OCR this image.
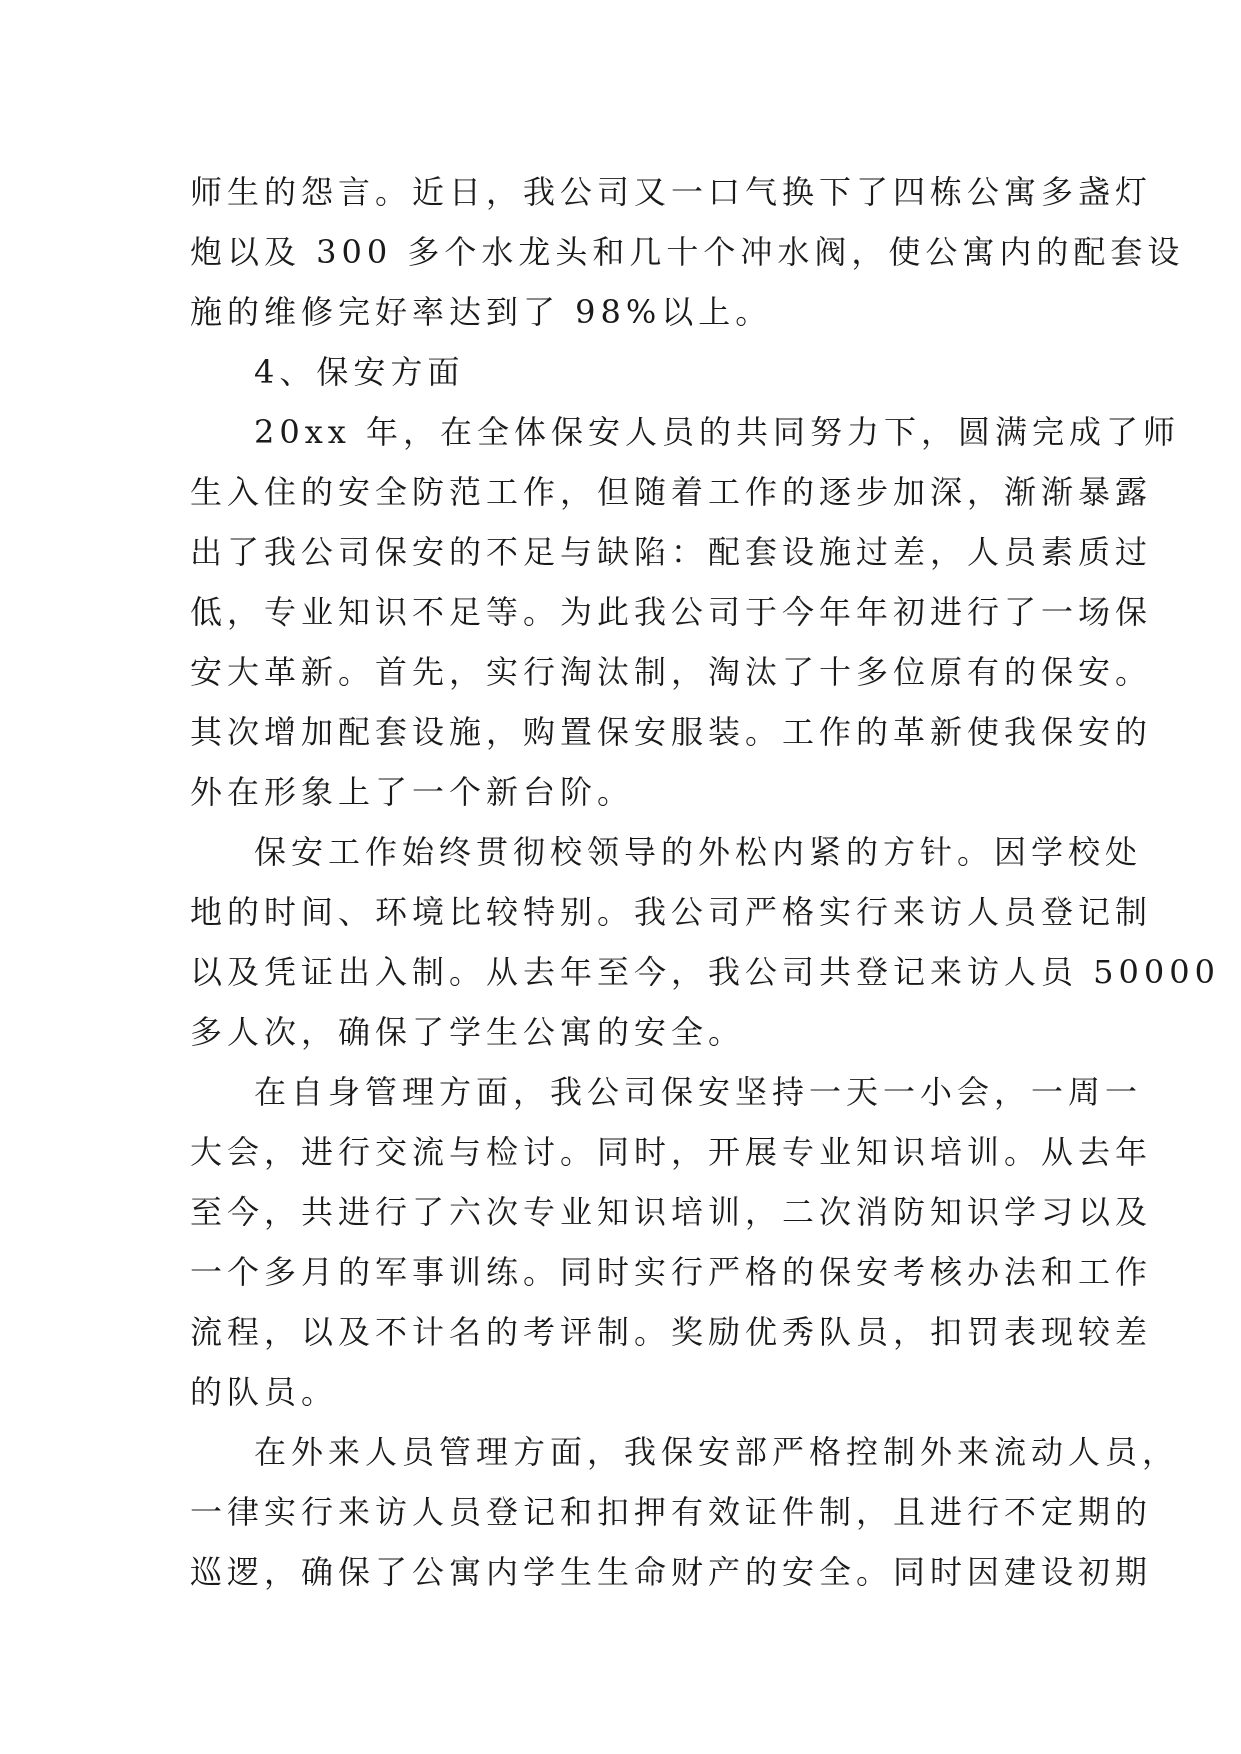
师生的怨言。近日，我公司又一口气换下了四栋公寓多盏灯
炮以及 300 多个水龙头和几十个冲水阀，使公寓内的配套设
施的维修完好率达到了 98%以上。
4、保安方面
20xx 年，在全体保安人员的共同努力下，圆满完成了师
生入住的安全防范工作，但随着工作的逐步加深，渐渐暴露
出了我公司保安的不足与缺陷：配套设施过差，人员素质过
低，专业知识不足等。为此我公司于今年年初进行了一场保
安大革新。首先，实行淘汰制，淘汰了十多位原有的保安。
其次增加配套设施，购置保安服装。工作的革新使我保安的
外在形象上了一个新台阶。
保安工作始终贯彻校领导的外松内紧的方针。因学校处
地的时间、环境比较特别。我公司严格实行来访人员登记制
以及凭证出入制。从去年至今，我公司共登记来访人员 50000
多人次，确保了学生公寓的安全。
在自身管理方面，我公司保安坚持一天一小会，一周一
大会，进行交流与检讨。同时，开展专业知识培训。从去年
至今，共进行了六次专业知识培训，二次消防知识学习以及
一个多月的军事训练。同时实行严格的保安考核办法和工作
流程，以及不计名的考评制。奖励优秀队员，扣罚表现较差
的队员。
在外来人员管理方面，我保安部严格控制外来流动人员，
一律实行来访人员登记和扣押有效证件制，且进行不定期的
巡逻，确保了公寓内学生生命财产的安全。同时因建设初期
